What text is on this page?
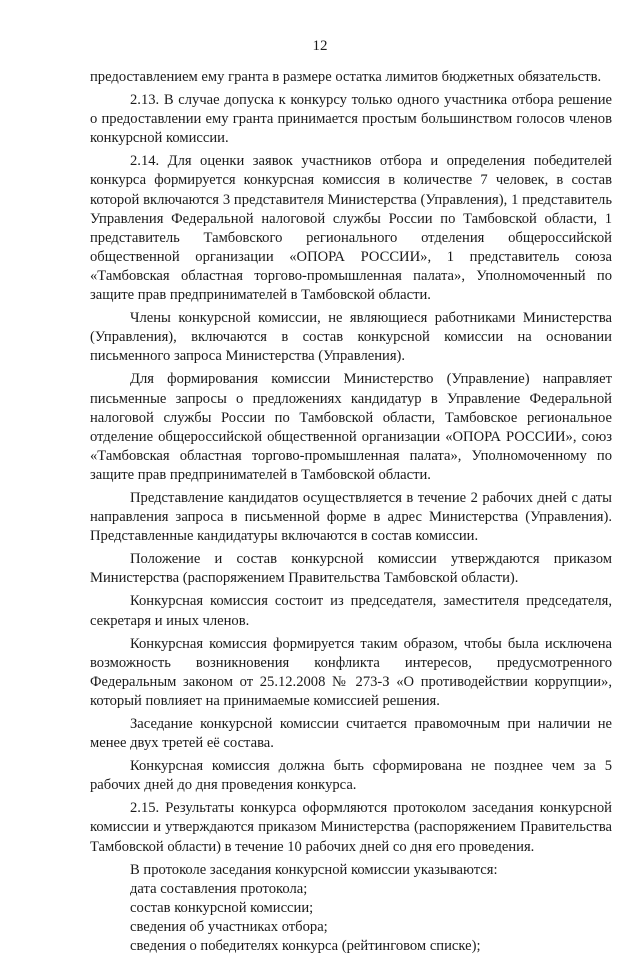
12

предоставлением ему гранта в размере остатка лимитов бюджетных обязательств.

2.13. В случае допуска к конкурсу только одного участника отбора решение о предоставлении ему гранта принимается простым большинством голосов членов конкурсной комиссии.

2.14. Для оценки заявок участников отбора и определения победителей конкурса формируется конкурсная комиссия в количестве 7 человек, в состав которой включаются 3 представителя Министерства (Управления), 1 представитель Управления Федеральной налоговой службы России по Тамбовской области, 1 представитель Тамбовского регионального отделения общероссийской общественной организации «ОПОРА РОССИИ», 1 представитель союза «Тамбовская областная торгово-промышленная палата», Уполномоченный по защите прав предпринимателей в Тамбовской области.

Члены конкурсной комиссии, не являющиеся работниками Министерства (Управления), включаются в состав конкурсной комиссии на основании письменного запроса Министерства (Управления).

Для формирования комиссии Министерство (Управление) направляет письменные запросы о предложениях кандидатур в Управление Федеральной налоговой службы России по Тамбовской области, Тамбовское региональное отделение общероссийской общественной организации «ОПОРА РОССИИ», союз «Тамбовская областная торгово-промышленная палата», Уполномоченному по защите прав предпринимателей в Тамбовской области.

Представление кандидатов осуществляется в течение 2 рабочих дней с даты направления запроса в письменной форме в адрес Министерства (Управления). Представленные кандидатуры включаются в состав комиссии.

Положение и состав конкурсной комиссии утверждаются приказом Министерства (распоряжением Правительства Тамбовской области).

Конкурсная комиссия состоит из председателя, заместителя председателя, секретаря и иных членов.

Конкурсная комиссия формируется таким образом, чтобы была исключена возможность возникновения конфликта интересов, предусмотренного Федеральным законом от 25.12.2008 № 273-З «О противодействии коррупции», который повлияет на принимаемые комиссией решения.

Заседание конкурсной комиссии считается правомочным при наличии не менее двух третей её состава.

Конкурсная комиссия должна быть сформирована не позднее чем за 5 рабочих дней до дня проведения конкурса.

2.15. Результаты конкурса оформляются протоколом заседания конкурсной комиссии и утверждаются приказом Министерства (распоряжением Правительства Тамбовской области) в течение 10 рабочих дней со дня его проведения.

В протоколе заседания конкурсной комиссии указываются:

дата составления протокола;

состав конкурсной комиссии;

сведения об участниках отбора;

сведения о победителях конкурса (рейтинговом списке);
